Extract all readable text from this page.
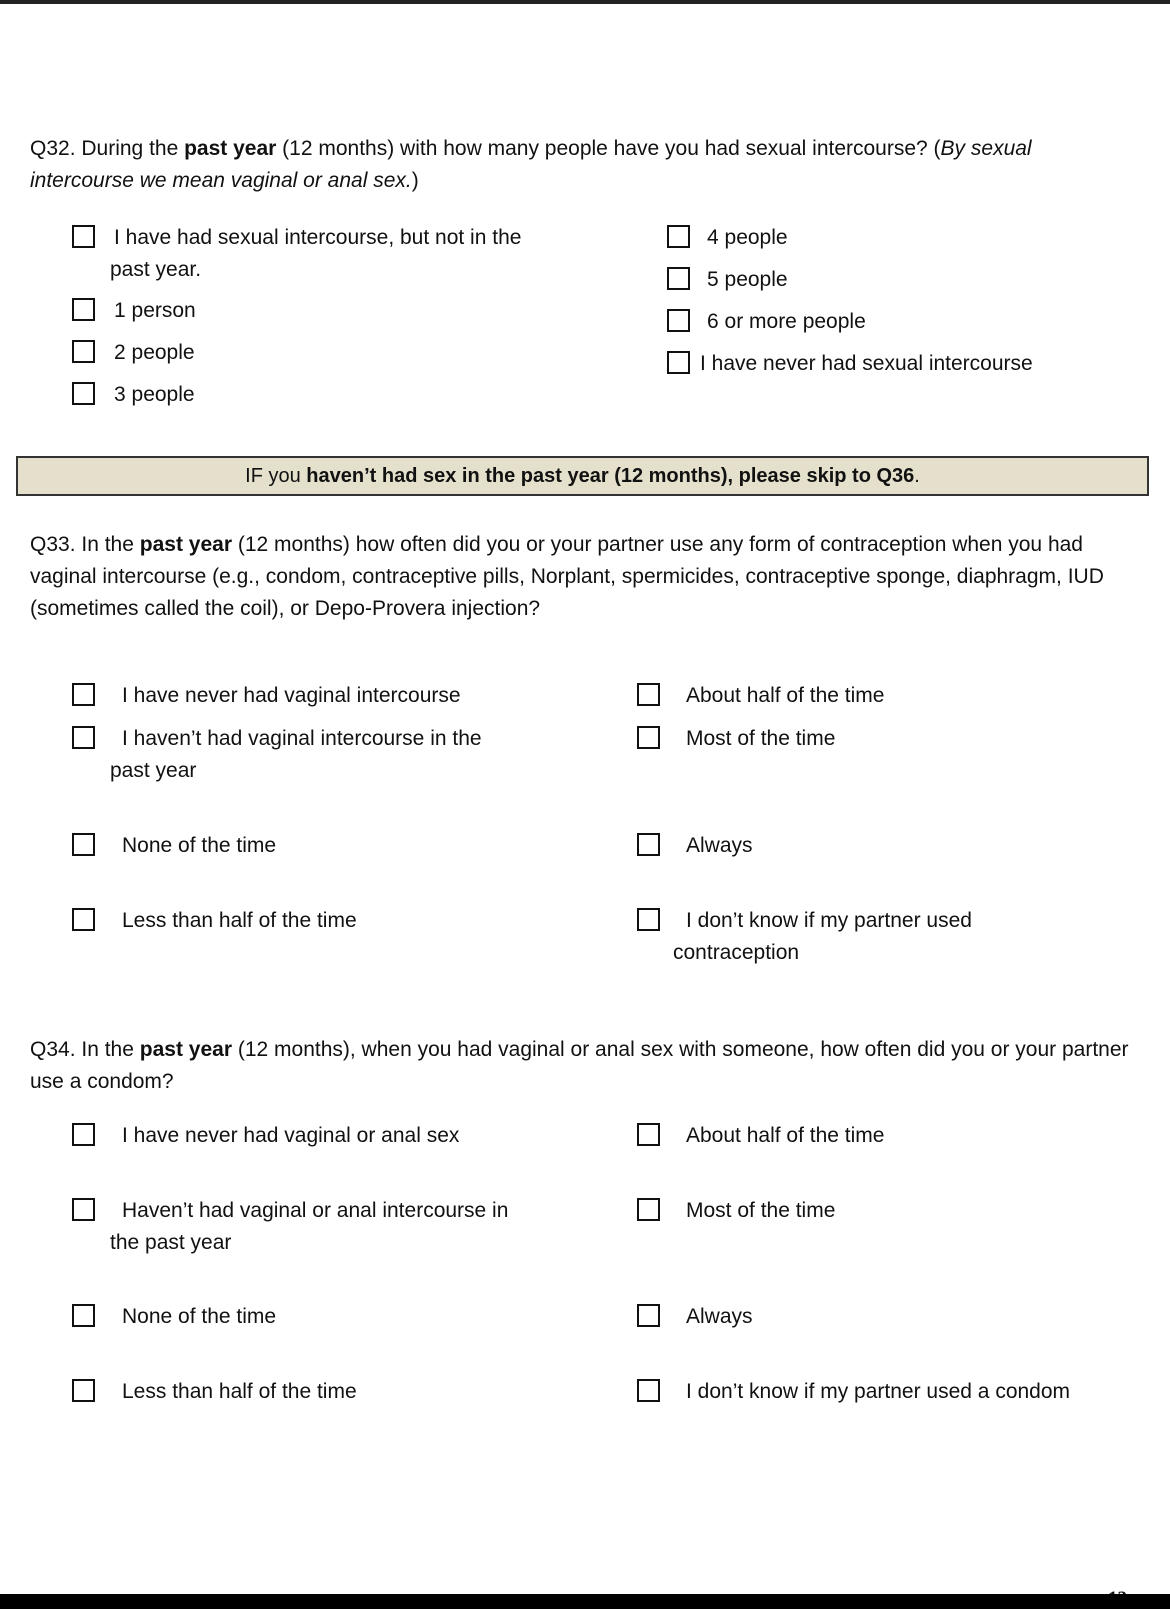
Q32. During the past year (12 months) with how many people have you had sexual intercourse? (By sexual intercourse we mean vaginal or anal sex.)
I have had sexual intercourse, but not in the
past year.
1 person
2 people
3 people
4 people
5 people
6 or more people
I have never had sexual intercourse
IF you haven’t had sex in the past year (12 months), please skip to Q36.
Q33. In the past year (12 months) how often did you or your partner use any form of contraception when you had vaginal intercourse (e.g., condom, contraceptive pills, Norplant, spermicides, contraceptive sponge, diaphragm, IUD (sometimes called the coil), or Depo-Provera injection?
I have never had vaginal intercourse
I haven’t had vaginal intercourse in the
past year
None of the time
Less than half of the time
About half of the time
Most of the time
Always
I don’t know if my partner used
contraception
Q34. In the past year (12 months), when you had vaginal or anal sex with someone, how often did you or your partner use a condom?
I have never had vaginal or anal sex
Haven’t had vaginal or anal intercourse in
the past year
None of the time
Less than half of the time
About half of the time
Most of the time
Always
I don’t know if my partner used a condom
